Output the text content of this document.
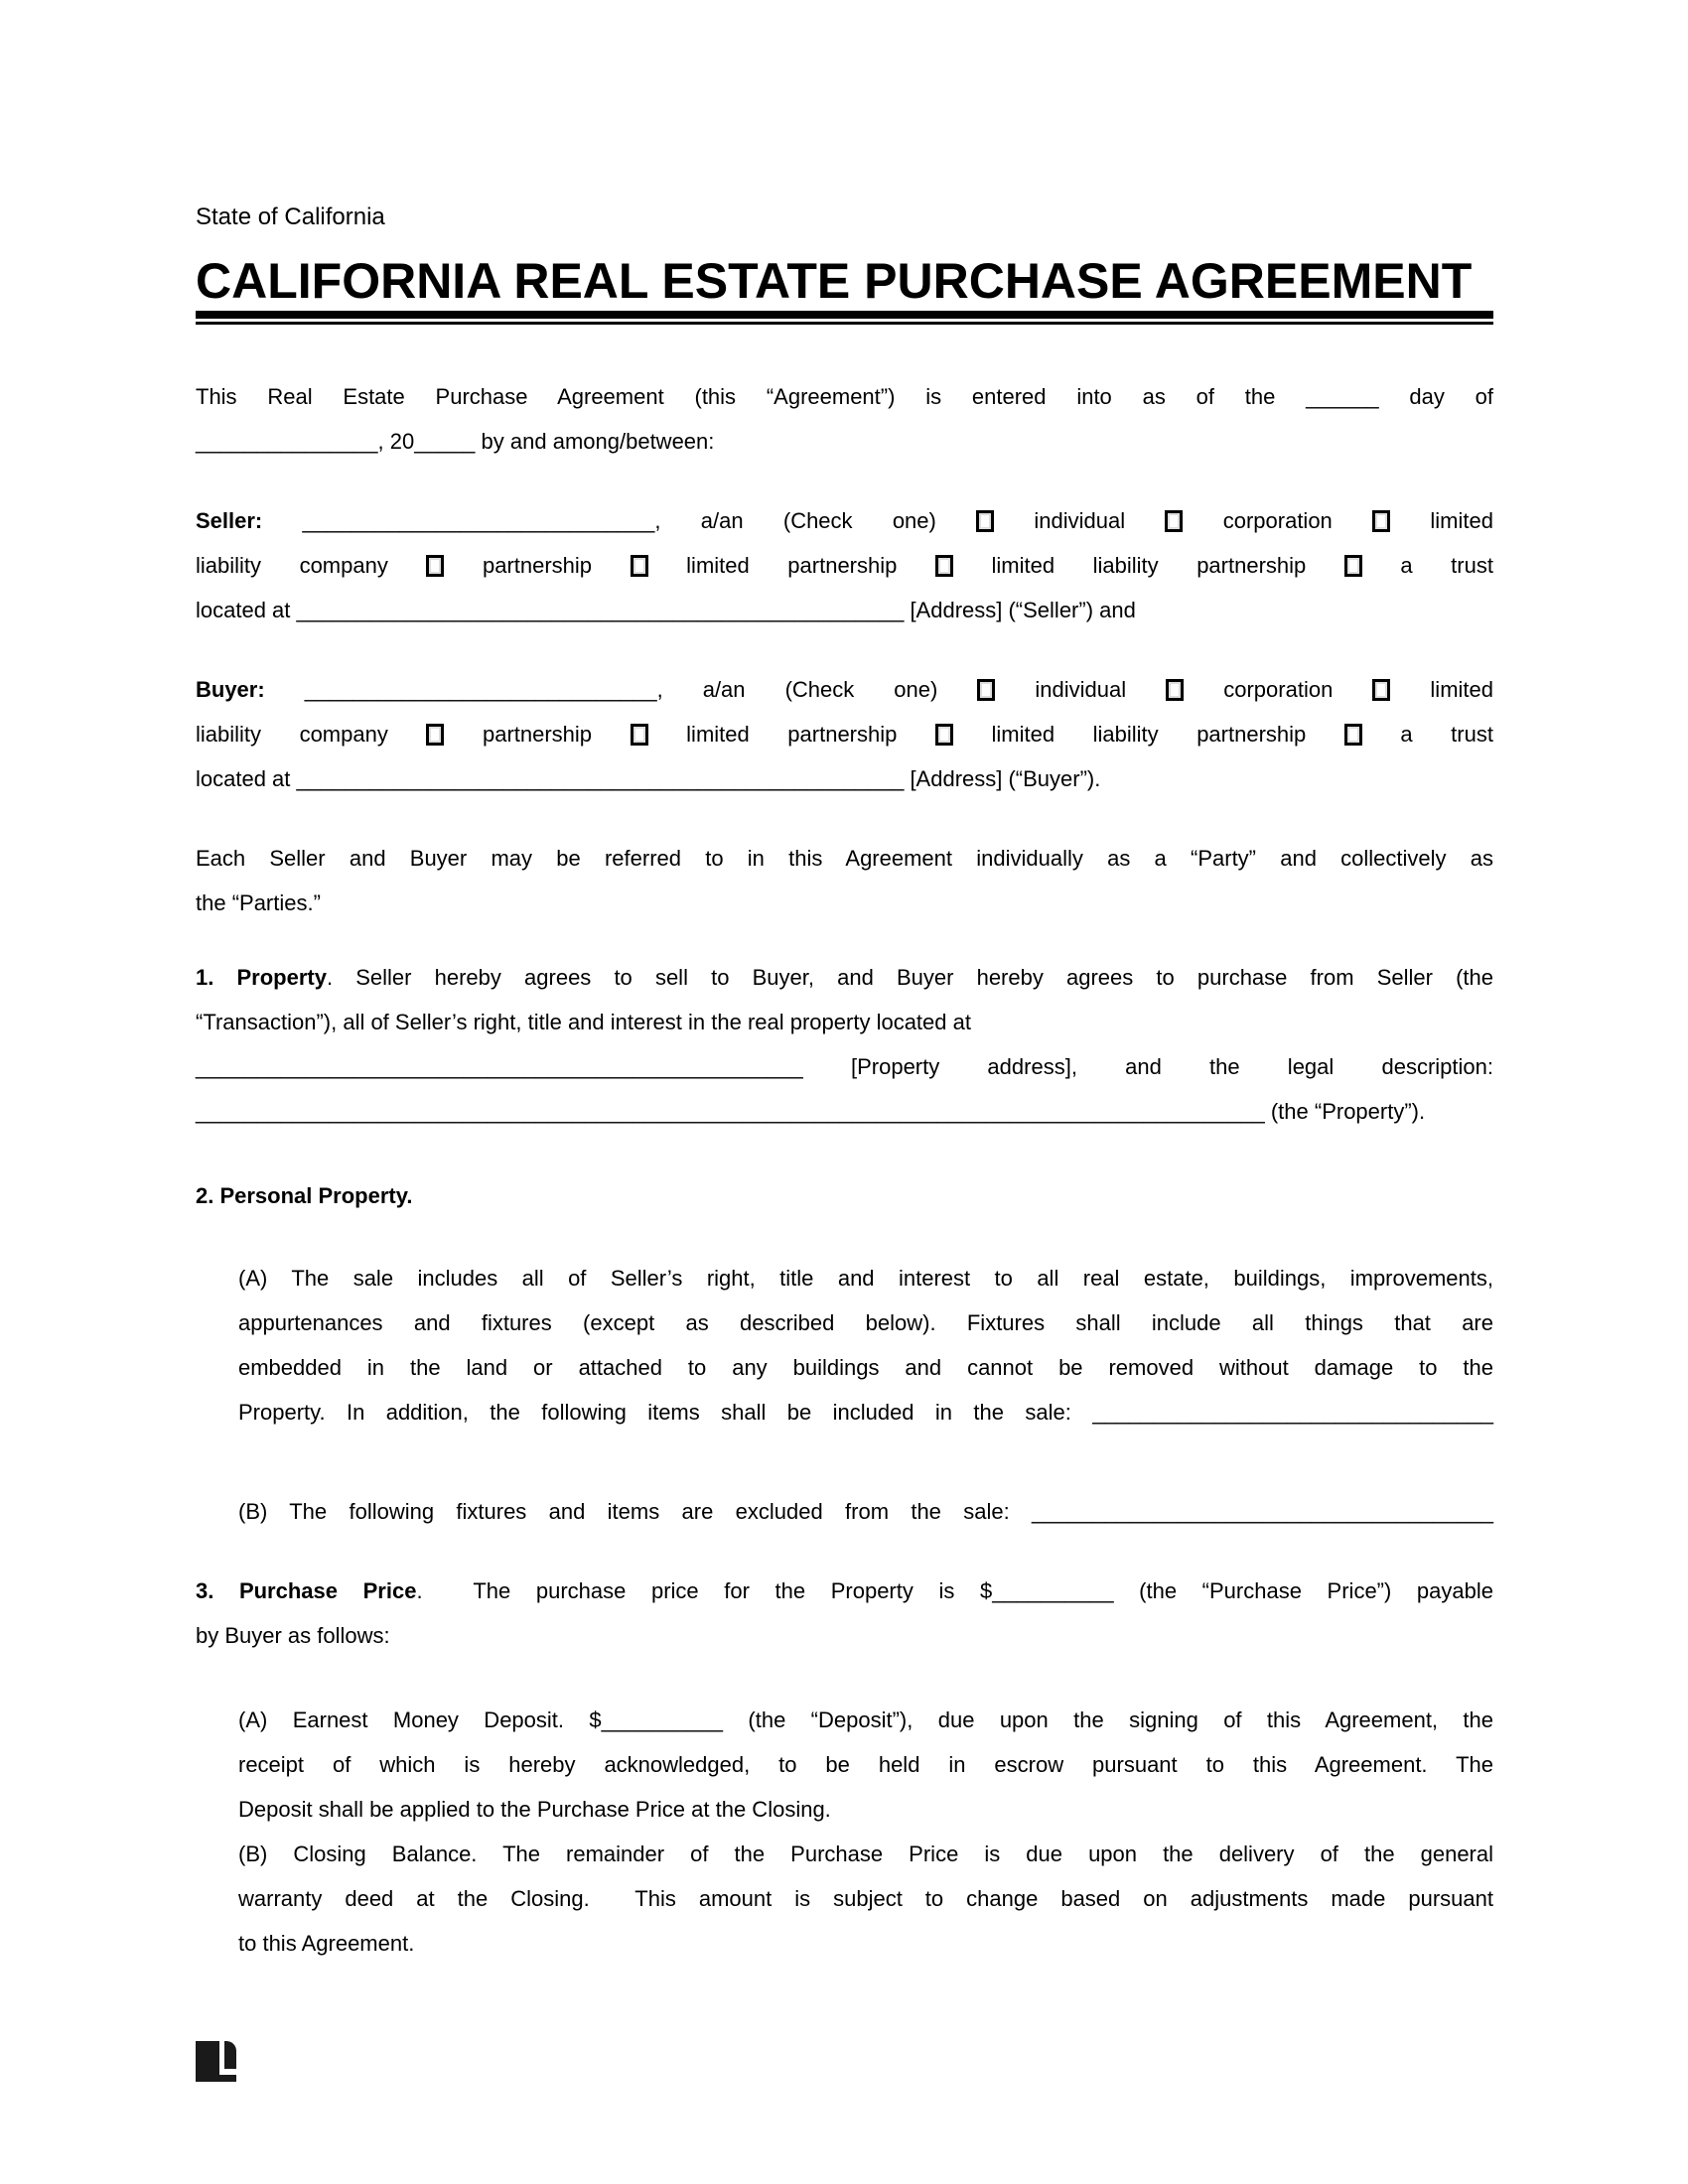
State of California
CALIFORNIA REAL ESTATE PURCHASE AGREEMENT
This Real Estate Purchase Agreement (this “Agreement”) is entered into as of the ______ day of
_______________, 20_____ by and among/between:
Seller: _____________________________, a/an (Check one)	individual	corporation	limited
liability company	partnership	limited partnership	limited liability partnership	a trust
located at __________________________________________________ [Address] (“Seller”) and
Buyer: _____________________________, a/an (Check one)	individual	corporation	limited
liability company	partnership	limited partnership	limited liability partnership	a trust
located at __________________________________________________ [Address] (“Buyer”).
Each Seller and Buyer may be referred to in this Agreement individually as a “Party” and collectively as
the “Parties.”
1. Property. Seller hereby agrees to sell to Buyer, and Buyer hereby agrees to purchase from Seller (the
“Transaction”), all of Seller’s right, title and interest in the real property located at
__________________________________________________ [Property address], and the legal description:
________________________________________________________________________________________ (the “Property”).
2. Personal Property.
(A) The sale includes all of Seller’s right, title and interest to all real estate, buildings, improvements,
appurtenances and fixtures (except as described below). Fixtures shall include all things that are
embedded in the land or attached to any buildings and cannot be removed without damage to the
Property. In addition, the following items shall be included in the sale: _________________________________
(B) The following fixtures and items are excluded from the sale: ______________________________________
3. Purchase Price.  The purchase price for the Property is $__________ (the “Purchase Price”) payable
by Buyer as follows:
(A) Earnest Money Deposit. $__________ (the “Deposit”), due upon the signing of this Agreement, the
receipt of which is hereby acknowledged, to be held in escrow pursuant to this Agreement. The
Deposit shall be applied to the Purchase Price at the Closing.
(B) Closing Balance. The remainder of the Purchase Price is due upon the delivery of the general
warranty deed at the Closing.  This amount is subject to change based on adjustments made pursuant
to this Agreement.
